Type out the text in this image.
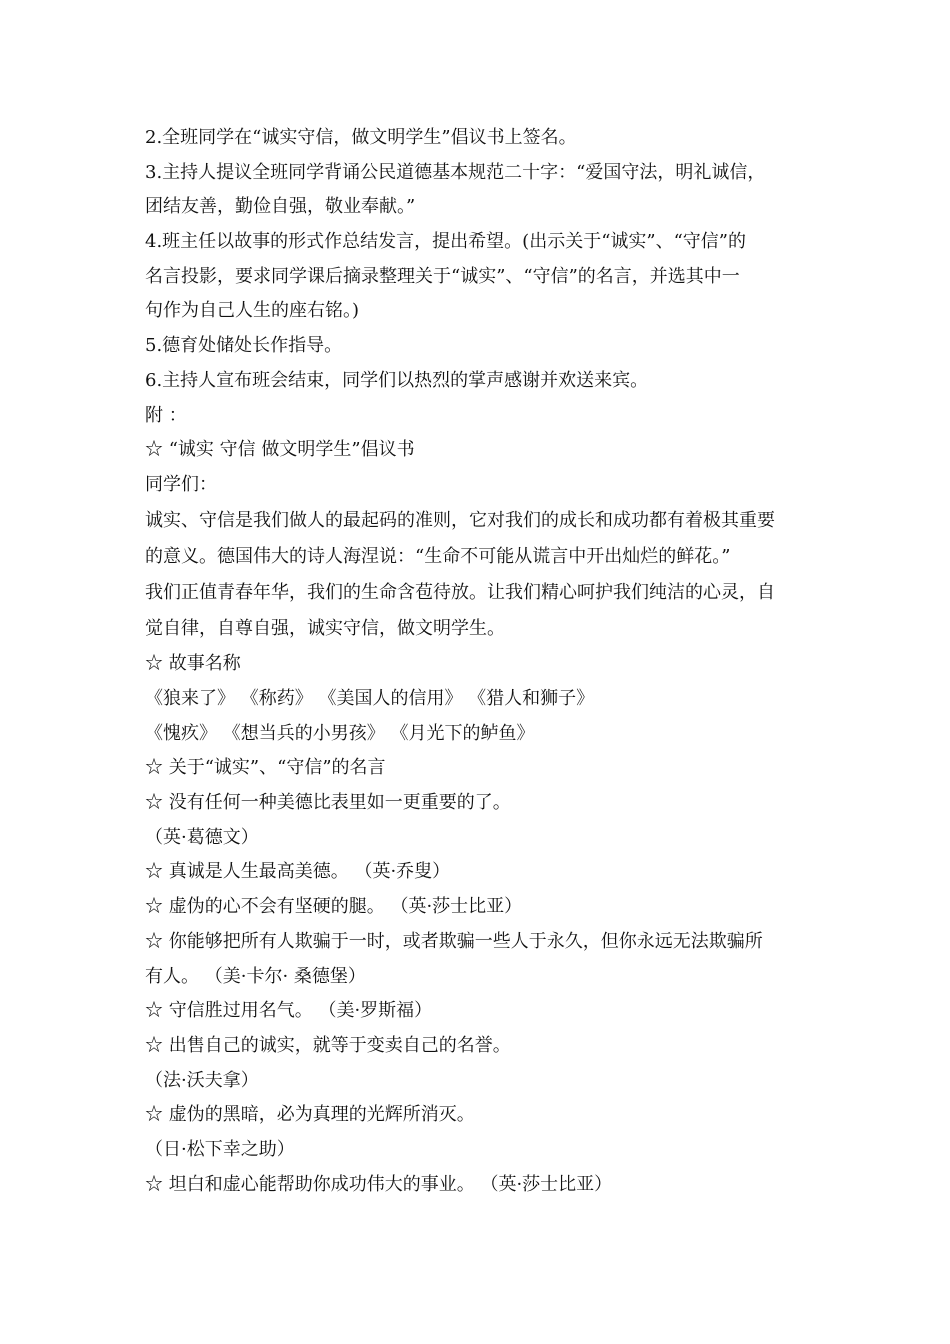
2.全班同学在“诚实守信，做文明学生”倡议书上签名。
3.主持人提议全班同学背诵公民道德基本规范二十字：“爱国守法，明礼诚信，
团结友善，勤俭自强，敬业奉献。”
4.班主任以故事的形式作总结发言，提出希望。(出示关于“诚实”、“守信”的
名言投影，要求同学课后摘录整理关于“诚实”、“守信”的名言，并选其中一
句作为自己人生的座右铭。)
5.德育处储处长作指导。
6.主持人宣布班会结束，同学们以热烈的掌声感谢并欢送来宾。
附 ：
☆ “诚实 守信 做文明学生”倡议书
同学们：
诚实、守信是我们做人的最起码的准则，它对我们的成长和成功都有着极其重要
的意义。德国伟大的诗人海涅说：“生命不可能从谎言中开出灿烂的鲜花。”
我们正值青春年华，我们的生命含苞待放。让我们精心呵护我们纯洁的心灵，自
觉自律，自尊自强，诚实守信，做文明学生。
☆ 故事名称
《狼来了》 《称药》 《美国人的信用》 《猎人和狮子》
《愧疚》 《想当兵的小男孩》 《月光下的鲈鱼》
☆ 关于“诚实”、“守信”的名言
☆ 没有任何一种美德比表里如一更重要的了。
（英·葛德文）
☆ 真诚是人生最高美德。 （英·乔叟）
☆ 虚伪的心不会有坚硬的腿。 （英·莎士比亚）
☆ 你能够把所有人欺骗于一时，或者欺骗一些人于永久，但你永远无法欺骗所
有人。 （美·卡尔· 桑德堡）
☆ 守信胜过用名气。 （美·罗斯福）
☆ 出售自己的诚实，就等于变卖自己的名誉。
（法·沃夫拿）
☆ 虚伪的黑暗，必为真理的光辉所消灭。
（日·松下幸之助）
☆ 坦白和虚心能帮助你成功伟大的事业。 （英·莎士比亚）
